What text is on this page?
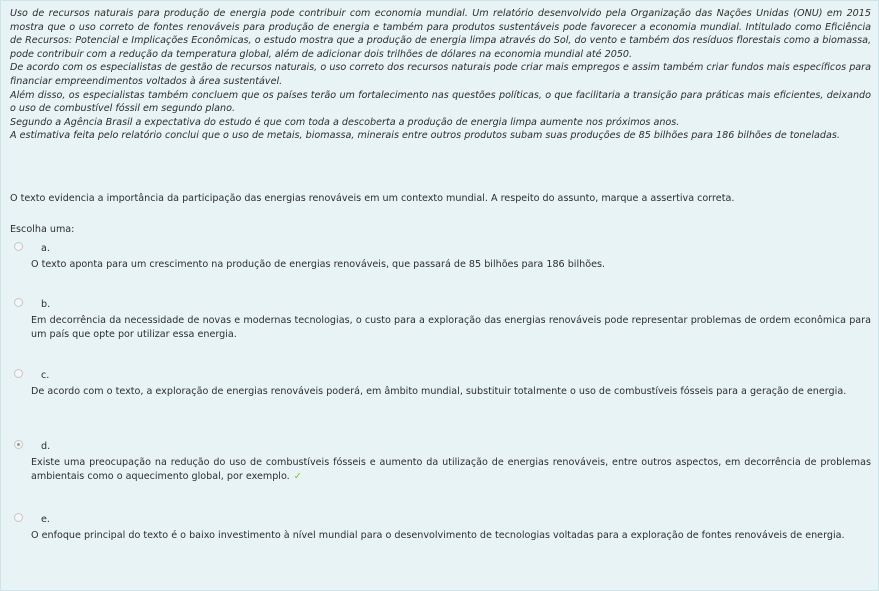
Uso de recursos naturais para produção de energia pode contribuir com economia mundial. Um relatório desenvolvido pela Organização das Nações Unidas (ONU) em 2015 mostra que o uso correto de fontes renováveis para produção de energia e também para produtos sustentáveis pode favorecer a economia mundial. Intitulado como Eficiência de Recursos: Potencial e Implicações Econômicas, o estudo mostra que a produção de energia limpa através do Sol, do vento e também dos resíduos florestais como a biomassa, pode contribuir com a redução da temperatura global, além de adicionar dois trilhões de dólares na economia mundial até 2050.

De acordo com os especialistas de gestão de recursos naturais, o uso correto dos recursos naturais pode criar mais empregos e assim também criar fundos mais específicos para financiar empreendimentos voltados à área sustentável.

Além disso, os especialistas também concluem que os países terão um fortalecimento nas questões políticas, o que facilitaria a transição para práticas mais eficientes, deixando o uso de combustível fóssil em segundo plano.

Segundo a Agência Brasil a expectativa do estudo é que com toda a descoberta a produção de energia limpa aumente nos próximos anos.

A estimativa feita pelo relatório conclui que o uso de metais, biomassa, minerais entre outros produtos subam suas produções de 85 bilhões para 186 bilhões de toneladas.

O texto evidencia a importância da participação das energias renováveis em um contexto mundial. A respeito do assunto, marque a assertiva correta.
Escolha uma:
a.
O texto aponta para um crescimento na produção de energias renováveis, que passará de 85 bilhões para 186 bilhões.
b.
Em decorrência da necessidade de novas e modernas tecnologias, o custo para a exploração das energias renováveis pode representar problemas de ordem econômica para um país que opte por utilizar essa energia.
c.
De acordo com o texto, a exploração de energias renováveis poderá, em âmbito mundial, substituir totalmente o uso de combustíveis fósseis para a geração de energia.
d.
Existe uma preocupação na redução do uso de combustíveis fósseis e aumento da utilização de energias renováveis, entre outros aspectos, em decorrência de problemas ambientais como o aquecimento global, por exemplo. ✓
e.
O enfoque principal do texto é o baixo investimento à nível mundial para o desenvolvimento de tecnologias voltadas para a exploração de fontes renováveis de energia.
